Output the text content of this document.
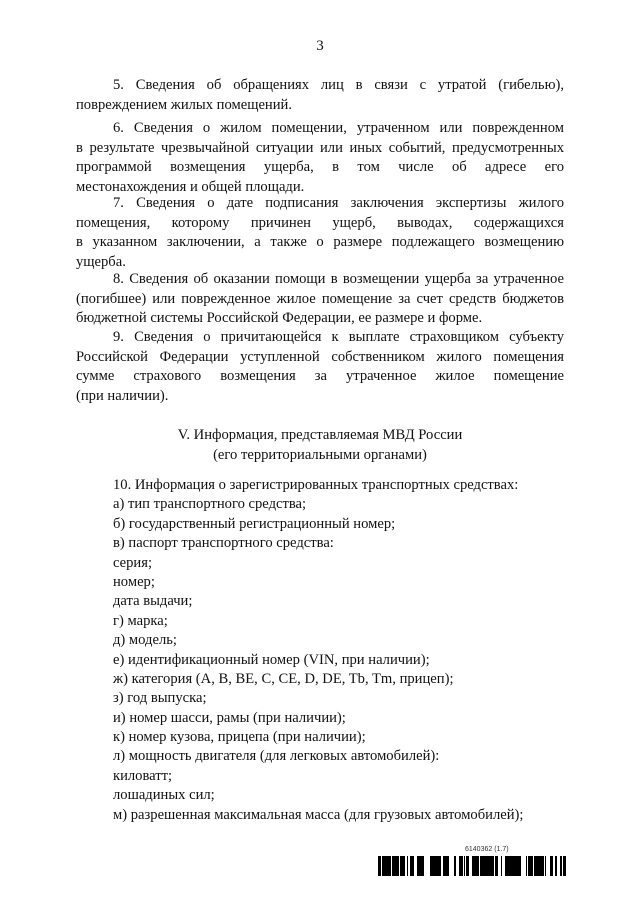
3
5. Сведения об обращениях лиц в связи с утратой (гибелью),
повреждением жилых помещений.
6. Сведения о жилом помещении, утраченном или поврежденном
в результате чрезвычайной ситуации или иных событий, предусмотренных
программой возмещения ущерба, в том числе об адресе его
местонахождения и общей площади.
7. Сведения о дате подписания заключения экспертизы жилого
помещения, которому причинен ущерб, выводах, содержащихся
в указанном заключении, а также о размере подлежащего возмещению
ущерба.
8. Сведения об оказании помощи в возмещении ущерба за утраченное
(погибшее) или поврежденное жилое помещение за счет средств бюджетов
бюджетной системы Российской Федерации, ее размере и форме.
9. Сведения о причитающейся к выплате страховщиком субъекту
Российской Федерации уступленной собственником жилого помещения
сумме страхового возмещения за утраченное жилое помещение
(при наличии).
V. Информация, представляемая МВД России
(его территориальными органами)
10. Информация о зарегистрированных транспортных средствах:
а) тип транспортного средства;
б) государственный регистрационный номер;
в) паспорт транспортного средства:
серия;
номер;
дата выдачи;
г) марка;
д) модель;
е) идентификационный номер (VIN, при наличии);
ж) категория (A, B, BE, C, CE, D, DE, Tb, Tm, прицеп);
з) год выпуска;
и) номер шасси, рамы (при наличии);
к) номер кузова, прицепа (при наличии);
л) мощность двигателя (для легковых автомобилей):
киловатт;
лошадиных сил;
м) разрешенная максимальная масса (для грузовых автомобилей);
6140362 (1.7)
